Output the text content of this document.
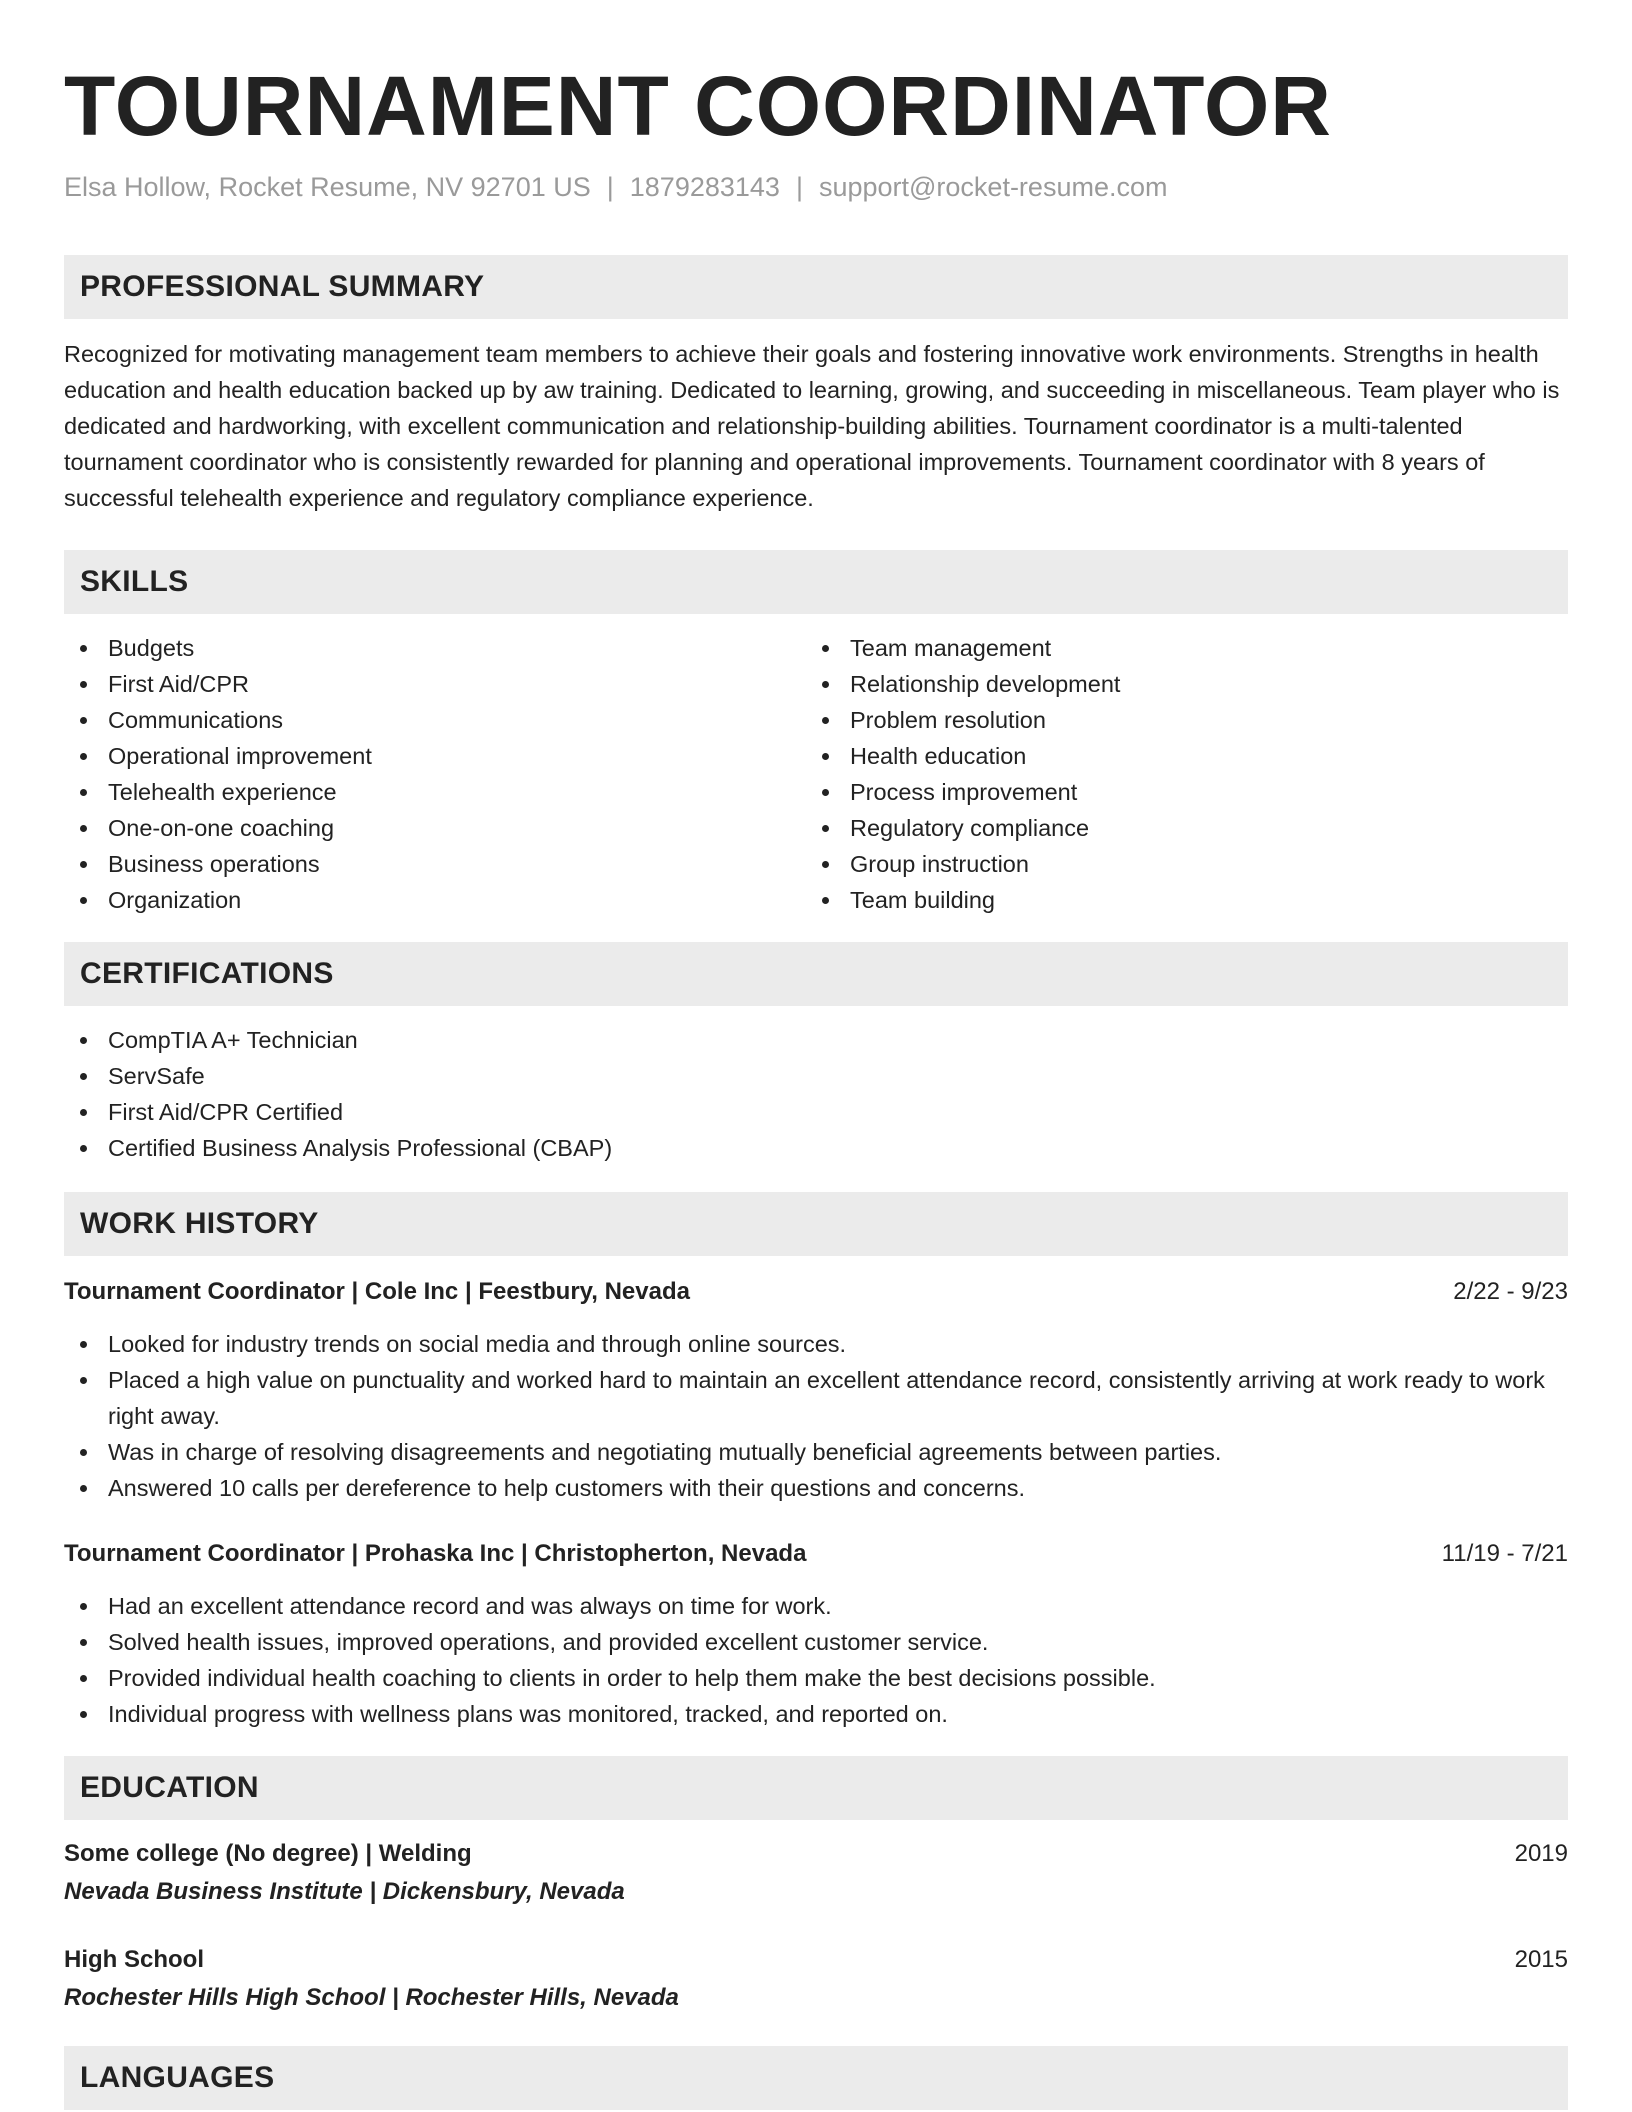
TOURNAMENT COORDINATOR
Elsa Hollow, Rocket Resume, NV 92701 US | 1879283143 | support@rocket-resume.com
PROFESSIONAL SUMMARY

Recognized for motivating management team members to achieve their goals and fostering innovative work environments. Strengths in health education and health education backed up by aw training. Dedicated to learning, growing, and succeeding in miscellaneous. Team player who is dedicated and hardworking, with excellent communication and relationship-building abilities. Tournament coordinator is a multi-talented tournament coordinator who is consistently rewarded for planning and operational improvements. Tournament coordinator with 8 years of successful telehealth experience and regulatory compliance experience.

SKILLS
Budgets
First Aid/CPR
Communications
Operational improvement
Telehealth experience
One-on-one coaching
Business operations
Organization
Team management
Relationship development
Problem resolution
Health education
Process improvement
Regulatory compliance
Group instruction
Team building
CERTIFICATIONS
CompTIA A+ Technician
ServSafe
First Aid/CPR Certified
Certified Business Analysis Professional (CBAP)
WORK HISTORY
Tournament Coordinator | Cole Inc | Feestbury, Nevada	2/22 - 9/23
Looked for industry trends on social media and through online sources.
Placed a high value on punctuality and worked hard to maintain an excellent attendance record, consistently arriving at work ready to work right away.
Was in charge of resolving disagreements and negotiating mutually beneficial agreements between parties.
Answered 10 calls per dereference to help customers with their questions and concerns.
Tournament Coordinator | Prohaska Inc | Christopherton, Nevada	11/19 - 7/21
Had an excellent attendance record and was always on time for work.
Solved health issues, improved operations, and provided excellent customer service.
Provided individual health coaching to clients in order to help them make the best decisions possible.
Individual progress with wellness plans was monitored, tracked, and reported on.
EDUCATION
Some college (No degree) | Welding	2019
Nevada Business Institute | Dickensbury, Nevada
High School	2015
Rochester Hills High School | Rochester Hills, Nevada
LANGUAGES
